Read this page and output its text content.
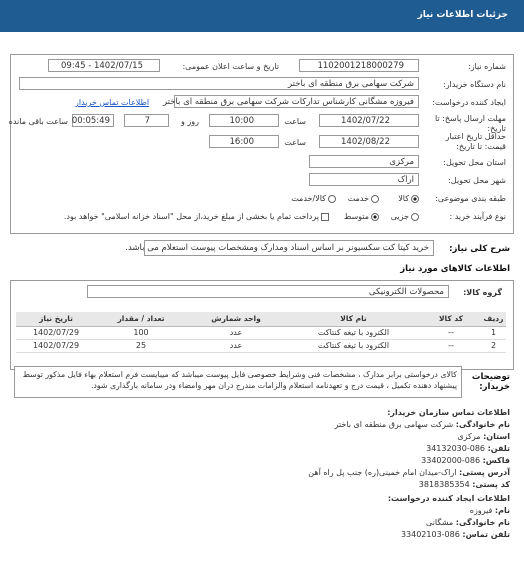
جزئیات اطلاعات نیاز
شماره نیاز:
1102001218000279
تاریخ و ساعت اعلان عمومی:
1402/07/15 - 09:45
نام دستگاه خریدار:
شرکت سهامی برق منطقه ای باختر
ایجاد کننده درخواست:
فیروزه مشگانی کارشناس تدارکات شرکت سهامی برق منطقه ای باختر
اطلاعات تماس خریدار
مهلت ارسال پاسخ: تا تاریخ:
1402/07/22
ساعت
10:00
روز و
7
00:05:49
ساعت باقی مانده
حداقل تاریخ اعتبار قیمت: تا تاریخ:
1402/08/22
ساعت
16:00
استان محل تحویل:
مرکزی
شهر محل تحویل:
اراک
طبقه بندی موضوعی:
کالا
خدمت
کالا/خدمت
نوع فرآیند خرید :
جزیی
متوسط
پرداخت تمام یا بخشی از مبلغ خرید،از محل "اسناد خزانه اسلامی" خواهد بود.
شرح کلی نیاز:
خرید کیتا کت سکسیونر بر اساس اسناد ومدارک ومشخصات پیوست استعلام می باشد.
اطلاعات کالاهای مورد نیاز
گروه کالا:
محصولات الکترونیکی
ردیف	کد کالا	نام کالا	واحد شمارش	تعداد / مقدار	تاریخ نیاز
1	--	الکترود با تیغه کنتاکت	عدد	100	1402/07/29
2	--	الکترود با تیغه کنتاکت	عدد	25	1402/07/29
توضیحات خریدار:
کالای درخواستی برابر مدارک ، مشخصات فنی وشرایط خصوصی فایل پیوست میباشد که میبایست فرم استعلام بهاء فایل مذکور توسط پیشنهاد دهنده تکمیل ، قیمت درج و تعهدنامه استعلام والزامات مندرج دران مهر وامضاء ودر سامانه بارگذاری شود.
اطلاعات تماس سازمان خریدار:
نام خانوادگی: شرکت سهامی برق منطقه ای باختر
استان: مرکزی
تلفن: 086-34132030
فاکس: 086-33402000
آدرس پستی: اراک-میدان امام خمینی(ره) جنب پل راه آهن
کد پستی: 3818385354
اطلاعات ایجاد کننده درخواست:
نام: فیروزه
نام خانوادگی: مشگانی
تلفن تماس: 086-33402103
